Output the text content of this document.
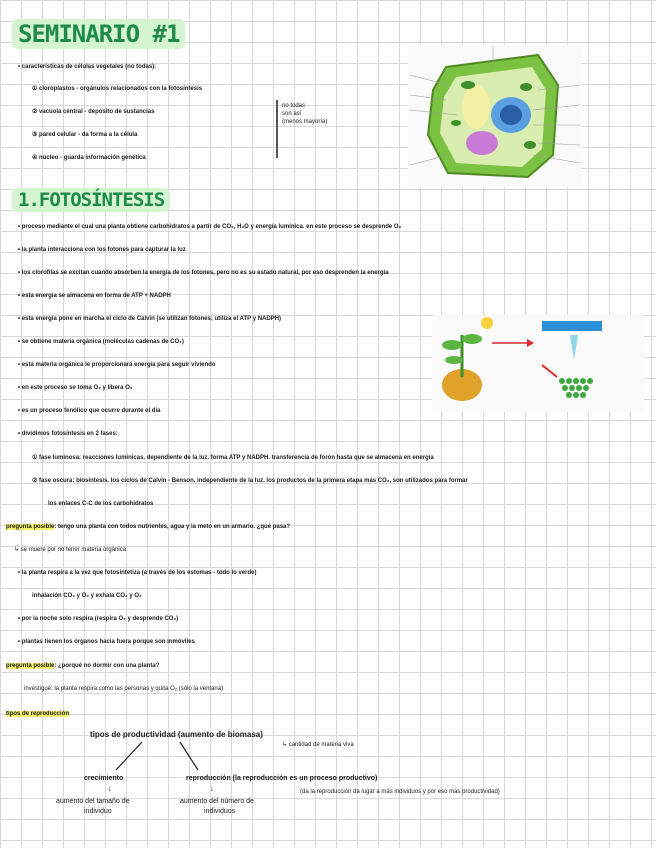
SEMINARIO #1
• características de células vegetales (no todas):
① cloroplastos - orgánulos relacionados con la fotosíntesis
② vacuola central - depósito de sustancias
③ pared celular - da forma a la célula
④ núcleo - guarda información genética
no todas
son así
(menos mayoría)
1.FOTOSÍNTESIS
• proceso mediante el cual una planta obtiene carbohidratos a partir de CO₂, H₂O y energía lumínica. en este proceso se desprende O₂
• la planta interacciona con los fotones para capturar la luz
• los clorofilas se excitan cuando absorben la energía de los fotones, pero no es su estado natural, por eso desprenden la energía
• esta energía se almacena en forma de ATP + NADPH
• esta energía pone en marcha el ciclo de Calvin (se utilizan fotones; utiliza el ATP y NADPH)
• se obtiene materia orgánica (moléculas cadenas de CO₂)
• esta materia orgánica le proporcionará energía para seguir viviendo
• en este proceso se toma O₂ y libera O₂
• es un proceso fenólico que ocurre durante el día
• dividimos fotosíntesis en 2 fases:
① fase luminosa: reacciones lumínicas. dependiente de la luz. forma ATP y NADPH. transferencia de forón hasta que se almacena en energía
② fase oscura: biosíntesis. los ciclos de Calvin - Benson. independiente de la luz. los productos de la primera etapa más CO₂, son utilizados para formar
los enlaces C-C de los carbohidratos
pregunta posible: tengo una planta con todos nutrientes, agua y la meto en un armario. ¿qué pasa?
↳ se muere por no tener materia orgánica
• la planta respira a la vez que fotosintetiza (a través de los estomas - todo lo verde)
inhalación CO₂ y O₂ y exhala CO₂ y O₂
• por la noche solo respira (respira O₂ y desprende CO₂)
• plantas tienen los órganos hacia fuera porque son inmóviles
pregunta posible: ¿porqué no dormir con una planta?
investigué: la planta respira como las personas y quita O₂ (sólo la ventana)
tipos de reproducción
tipos de productividad (aumento de biomasa)
↳ cantidad de materia viva
crecimiento
↓
aumento del tamaño de
individuo
reproducción (la reproducción es un proceso productivo)
↓
aumento del número de
individuos
(da la reproducción da lugar a más individuos y por eso más productividad)
